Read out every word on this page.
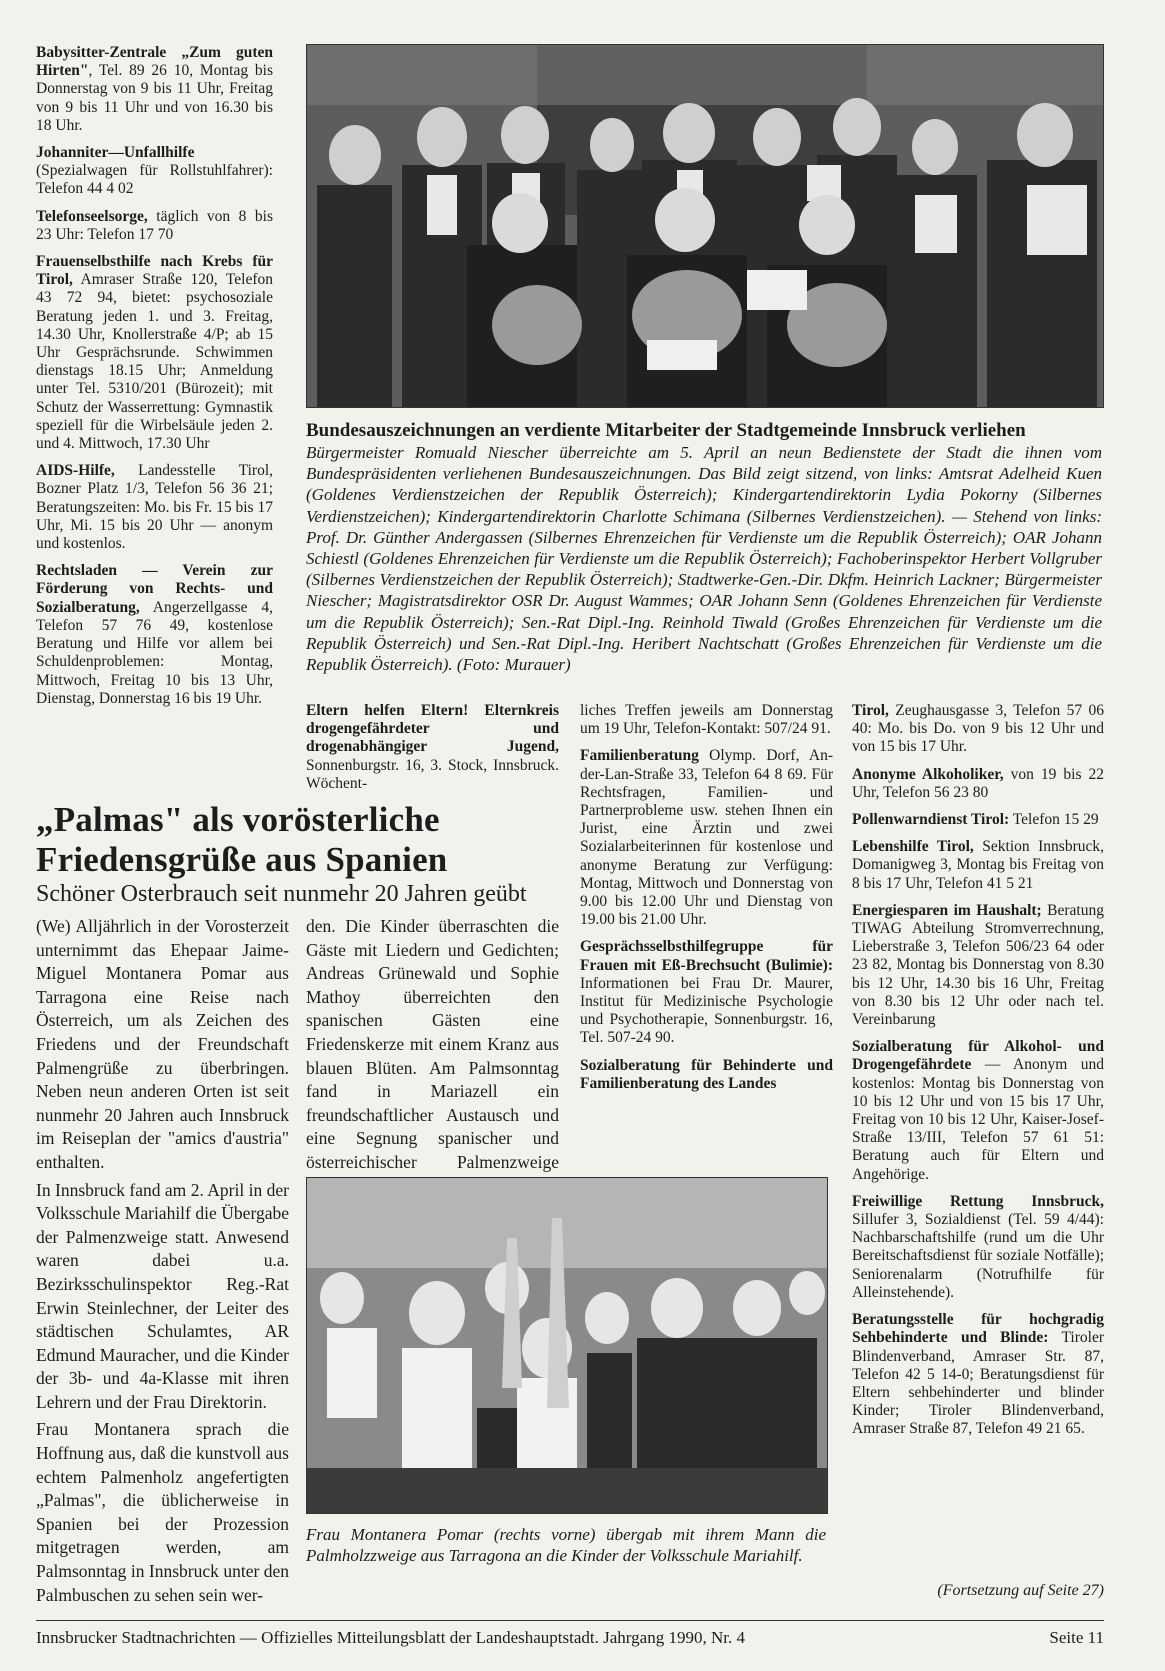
Babysitter-Zentrale „Zum guten Hirten", Tel. 89 26 10, Montag bis Donnerstag von 9 bis 11 Uhr, Freitag von 9 bis 11 Uhr und von 16.30 bis 18 Uhr.

Johanniter—Unfallhilfe (Spezialwagen für Rollstuhlfahrer): Telefon 44 4 02

Telefonseelsorge, täglich von 8 bis 23 Uhr: Telefon 17 70

Frauenselbsthilfe nach Krebs für Tirol, Amraser Straße 120, Telefon 43 72 94, bietet: psychosoziale Beratung jeden 1. und 3. Freitag, 14.30 Uhr, Knollerstraße 4/P; ab 15 Uhr Gesprächsrunde. Schwimmen dienstags 18.15 Uhr; Anmeldung unter Tel. 5310/201 (Bürozeit); mit Schutz der Wasserrettung: Gymnastik speziell für die Wirbelsäule jeden 2. und 4. Mittwoch, 17.30 Uhr

AIDS-Hilfe, Landesstelle Tirol, Bozner Platz 1/3, Telefon 56 36 21; Beratungszeiten: Mo. bis Fr. 15 bis 17 Uhr, Mi. 15 bis 20 Uhr — anonym und kostenlos.

Rechtsladen — Verein zur Förderung von Rechts- und Sozialberatung, Angerzellgasse 4, Telefon 57 76 49, kostenlose Beratung und Hilfe vor allem bei Schuldenproblemen: Montag, Mittwoch, Freitag 10 bis 13 Uhr, Dienstag, Donnerstag 16 bis 19 Uhr.

Bundesauszeichnungen an verdiente Mitarbeiter der Stadtgemeinde Innsbruck verliehen
Bürgermeister Romuald Niescher überreichte am 5. April an neun Bedienstete der Stadt die ihnen vom Bundespräsidenten verliehenen Bundesauszeichnungen. Das Bild zeigt sitzend, von links: Amtsrat Adelheid Kuen (Goldenes Verdienstzeichen der Republik Österreich); Kindergartendirektorin Lydia Pokorny (Silbernes Verdienstzeichen); Kindergartendirektorin Charlotte Schimana (Silbernes Verdienstzeichen). — Stehend von links: Prof. Dr. Günther Andergassen (Silbernes Ehrenzeichen für Verdienste um die Republik Österreich); OAR Johann Schiestl (Goldenes Ehrenzeichen für Verdienste um die Republik Österreich); Fachoberinspektor Herbert Vollgruber (Silbernes Verdienstzeichen der Republik Österreich); Stadtwerke-Gen.-Dir. Dkfm. Heinrich Lackner; Bürgermeister Niescher; Magistratsdirektor OSR Dr. August Wammes; OAR Johann Senn (Goldenes Ehrenzeichen für Verdienste um die Republik Österreich); Sen.-Rat Dipl.-Ing. Reinhold Tiwald (Großes Ehrenzeichen für Verdienste um die Republik Österreich) und Sen.-Rat Dipl.-Ing. Heribert Nachtschatt (Großes Ehrenzeichen für Verdienste um die Republik Österreich). (Foto: Murauer)

Eltern helfen Eltern! Elternkreis drogengefährdeter und drogenabhängiger Jugend, Sonnenburgstr. 16, 3. Stock, Innsbruck. Wöchent-

liches Treffen jeweils am Donnerstag um 19 Uhr, Telefon-Kontakt: 507/24 91.

Familienberatung Olymp. Dorf, An-der-Lan-Straße 33, Telefon 64 8 69. Für Rechtsfragen, Familien- und Partnerprobleme usw. stehen Ihnen ein Jurist, eine Ärztin und zwei Sozialarbeiterinnen für kostenlose und anonyme Beratung zur Verfügung: Montag, Mittwoch und Donnerstag von 9.00 bis 12.00 Uhr und Dienstag von 19.00 bis 21.00 Uhr.

Gesprächsselbsthilfegruppe für Frauen mit Eß-Brechsucht (Bulimie): Informationen bei Frau Dr. Maurer, Institut für Medizinische Psychologie und Psychotherapie, Sonnenburgstr. 16, Tel. 507-24 90.

Sozialberatung für Behinderte und Familienberatung des Landes

Tirol, Zeughausgasse 3, Telefon 57 06 40: Mo. bis Do. von 9 bis 12 Uhr und von 15 bis 17 Uhr.

Anonyme Alkoholiker, von 19 bis 22 Uhr, Telefon 56 23 80

Pollenwarndienst Tirol: Telefon 15 29

Lebenshilfe Tirol, Sektion Innsbruck, Domanigweg 3, Montag bis Freitag von 8 bis 17 Uhr, Telefon 41 5 21

Energiesparen im Haushalt; Beratung TIWAG Abteilung Stromverrechnung, Lieberstraße 3, Telefon 506/23 64 oder 23 82, Montag bis Donnerstag von 8.30 bis 12 Uhr, 14.30 bis 16 Uhr, Freitag von 8.30 bis 12 Uhr oder nach tel. Vereinbarung

Sozialberatung für Alkohol- und Drogengefährdete — Anonym und kostenlos: Montag bis Donnerstag von 10 bis 12 Uhr und von 15 bis 17 Uhr, Freitag von 10 bis 12 Uhr, Kaiser-Josef-Straße 13/III, Telefon 57 61 51: Beratung auch für Eltern und Angehörige.

Freiwillige Rettung Innsbruck, Sillufer 3, Sozialdienst (Tel. 59 4/44): Nachbarschaftshilfe (rund um die Uhr Bereitschaftsdienst für soziale Notfälle); Seniorenalarm (Notrufhilfe für Alleinstehende).

Beratungsstelle für hochgradig Sehbehinderte und Blinde: Tiroler Blindenverband, Amraser Str. 87, Telefon 42 5 14-0; Beratungsdienst für Eltern sehbehinderter und blinder Kinder; Tiroler Blindenverband, Amraser Straße 87, Telefon 49 21 65.

(Fortsetzung auf Seite 27)
„Palmas" als vorösterliche
Friedensgrüße aus Spanien
Schöner Osterbrauch seit nunmehr 20 Jahren geübt

(We) Alljährlich in der Vorosterzeit unternimmt das Ehepaar Jaime-Miguel Montanera Pomar aus Tarragona eine Reise nach Österreich, um als Zeichen des Friedens und der Freundschaft Palmengrüße zu überbringen. Neben neun anderen Orten ist seit nunmehr 20 Jahren auch Innsbruck im Reiseplan der "amics d'austria" enthalten.

In Innsbruck fand am 2. April in der Volksschule Mariahilf die Übergabe der Palmenzweige statt. Anwesend waren dabei u.a. Bezirksschulinspektor Reg.-Rat Erwin Steinlechner, der Leiter des städtischen Schulamtes, AR Edmund Mauracher, und die Kinder der 3b- und 4a-Klasse mit ihren Lehrern und der Frau Direktorin.

Frau Montanera sprach die Hoffnung aus, daß die kunstvoll aus echtem Palmenholz angefertigten „Palmas", die üblicherweise in Spanien bei der Prozession mitgetragen werden, am Palmsonntag in Innsbruck unter den Palmbuschen zu sehen sein wer-

den. Die Kinder überraschten die Gäste mit Liedern und Gedichten; Andreas Grünewald und Sophie Mathoy überreichten den spanischen Gästen eine Friedenskerze mit einem Kranz aus blauen Blüten. Am Palmsonntag fand in Mariazell ein freundschaftlicher Austausch und eine Segnung spanischer und österreichischer Palmenzweige

Frau Montanera Pomar (rechts vorne) übergab mit ihrem Mann die Palmholzzweige aus Tarragona an die Kinder der Volksschule Mariahilf.
Innsbrucker Stadtnachrichten — Offizielles Mitteilungsblatt der Landeshauptstadt. Jahrgang 1990, Nr. 4	Seite 11
